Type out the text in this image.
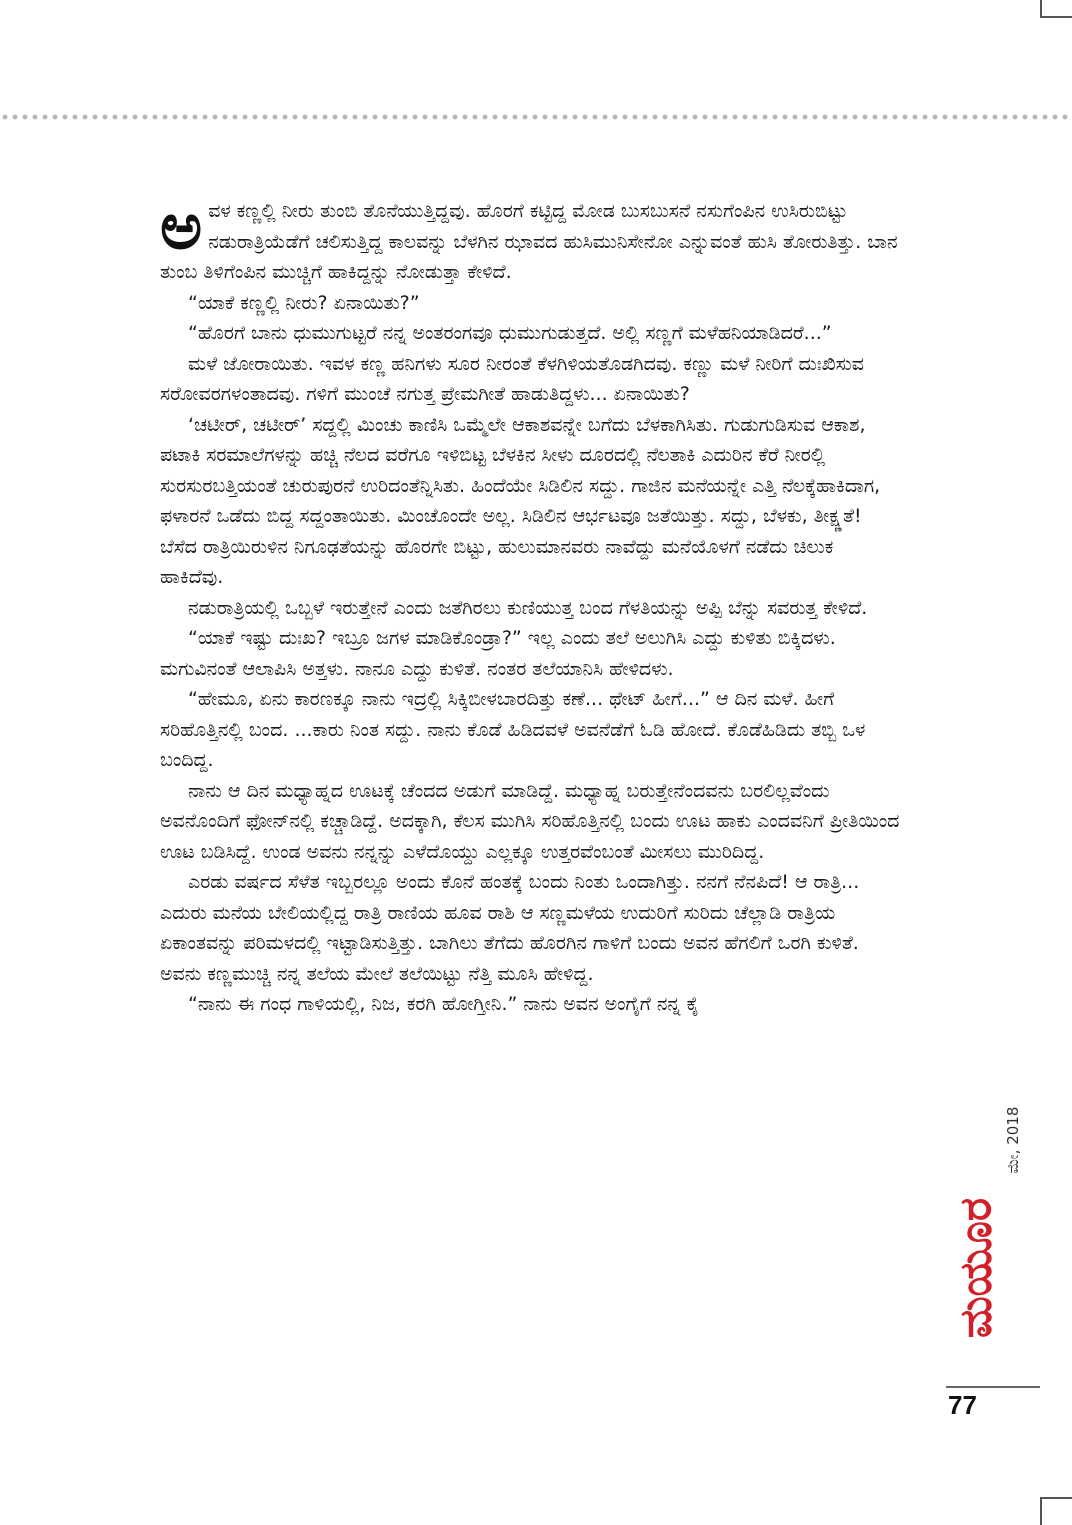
ಅವಳ ಕಣ್ಣಲ್ಲಿ ನೀರು ತುಂಬಿ ತೊನೆಯುತ್ತಿದ್ದವು. ಹೊರಗೆ ಕಟ್ಟಿದ್ದ ಮೋಡ ಬುಸಬುಸನೆ ನಸುಗೆಂಪಿನ ಉಸಿರುಬಿಟ್ಟು ನಡುರಾತ್ರಿಯೆಡೆಗೆ ಚಲಿಸುತ್ತಿದ್ದ ಕಾಲವನ್ನು ಬೆಳಗಿನ ಝಾವದ ಹುಸಿಮುನಿಸೇನೋ ಎನ್ನುವಂತೆ ಹುಸಿ ತೋರುತಿತ್ತು. ಬಾನ ತುಂಬ ತಿಳಿಗೆಂಪಿನ ಮುಚ್ಚಿಗೆ ಹಾಕಿದ್ದನ್ನು ನೋಡುತ್ತಾ ಕೇಳಿದೆ.

“ಯಾಕೆ ಕಣ್ಣಲ್ಲಿ ನೀರು? ಏನಾಯಿತು?”

“ಹೊರಗೆ ಬಾನು ಧುಮುಗುಟ್ಟರೆ ನನ್ನ ಅಂತರಂಗವೂ ಧುಮುಗುಡುತ್ತದೆ. ಅಲ್ಲಿ ಸಣ್ಣಗೆ ಮಳೆಹನಿಯಾಡಿದರೆ...”

ಮಳೆ ಜೋರಾಯಿತು. ಇವಳ ಕಣ್ಣ ಹನಿಗಳು ಸೂರ ನೀರಂತೆ ಕೆಳಗಿಳಿಯತೊಡಗಿದವು. ಕಣ್ಣು ಮಳೆ ನೀರಿಗೆ ದುಃಖಿಸುವ ಸರೋವರಗಳಂತಾದವು. ಗಳಿಗೆ ಮುಂಚೆ ನಗುತ್ತ ಪ್ರೇಮಗೀತೆ ಹಾಡುತಿದ್ದಳು... ಏನಾಯಿತು?

‘ಚಟೀರ್, ಚಟೀರ್’ ಸದ್ದಲ್ಲಿ ಮಿಂಚು ಕಾಣಿಸಿ ಒಮ್ಮೆಲೇ ಆಕಾಶವನ್ನೇ ಬಗೆದು ಬೆಳಕಾಗಿಸಿತು. ಗುಡುಗುಡಿಸುವ ಆಕಾಶ, ಪಟಾಕಿ ಸರಮಾಲೆಗಳನ್ನು ಹಚ್ಚಿ ನೆಲದ ವರೆಗೂ ಇಳಿಬಿಟ್ಟ ಬೆಳಕಿನ ಸೀಳು ದೂರದಲ್ಲಿ ನೆಲತಾಕಿ ಎದುರಿನ ಕೆರೆ ನೀರಲ್ಲಿ ಸುರಸುರಬತ್ತಿಯಂತೆ ಚುರುಪುರನೆ ಉರಿದಂತೆನ್ನಿಸಿತು. ಹಿಂದೆಯೇ ಸಿಡಿಲಿನ ಸದ್ದು. ಗಾಜಿನ ಮನೆಯನ್ನೇ ಎತ್ತಿ ನೆಲಕ್ಕೆಹಾಕಿದಾಗ, ಫಳಾರನೆ ಒಡೆದು ಬಿದ್ದ ಸದ್ದಂತಾಯಿತು. ಮಿಂಚೊಂದೇ ಅಲ್ಲ. ಸಿಡಿಲಿನ ಆರ್ಭಟವೂ ಜತೆಯಿತ್ತು. ಸದ್ದು, ಬೆಳಕು, ತೀಕ್ಷ್ಣತೆ! ಬೆಸೆದ ರಾತ್ರಿಯಿರುಳಿನ ನಿಗೂಢತೆಯನ್ನು ಹೊರಗೇ ಬಿಟ್ಟು, ಹುಲುಮಾನವರು ನಾವೆದ್ದು ಮನೆಯೊಳಗೆ ನಡೆದು ಚಿಲುಕ ಹಾಕಿದೆವು.

ನಡುರಾತ್ರಿಯಲ್ಲಿ ಒಬ್ಬಳೆ ಇರುತ್ತೇನೆ ಎಂದು ಜತೆಗಿರಲು ಕುಣಿಯುತ್ತ ಬಂದ ಗೆಳತಿಯನ್ನು ಅಪ್ಪಿ ಬೆನ್ನು ಸವರುತ್ತ ಕೇಳಿದೆ.

“ಯಾಕೆ ಇಷ್ಟು ದುಃಖ? ಇಬ್ರೂ ಜಗಳ ಮಾಡಿಕೊಂಡ್ರಾ?” ಇಲ್ಲ ಎಂದು ತಲೆ ಅಲುಗಿಸಿ ಎದ್ದು ಕುಳಿತು ಬಿಕ್ಕಿದಳು. ಮಗುವಿನಂತೆ ಆಲಾಪಿಸಿ ಅತ್ತಳು. ನಾನೂ ಎದ್ದು ಕುಳಿತೆ. ನಂತರ ತಲೆಯಾನಿಸಿ ಹೇಳಿದಳು.

“ಹೇಮೂ, ಏನು ಕಾರಣಕ್ಕೂ ನಾನು ಇದ್ರಲ್ಲಿ ಸಿಕ್ಕಿಬೀಳಬಾರದಿತ್ತು ಕಣೆ... ಥೇಟ್ ಹೀಗೆ...” ಆ ದಿನ ಮಳೆ. ಹೀಗೆ ಸರಿಹೊತ್ತಿನಲ್ಲಿ ಬಂದ. ...ಕಾರು ನಿಂತ ಸದ್ದು. ನಾನು ಕೊಡೆ ಹಿಡಿದವಳೆ ಅವನೆಡೆಗೆ ಓಡಿ ಹೋದೆ. ಕೊಡೆಹಿಡಿದು ತಬ್ಬಿ ಒಳ ಬಂದಿದ್ದ.

ನಾನು ಆ ದಿನ ಮಧ್ಯಾಹ್ನದ ಊಟಕ್ಕೆ ಚೆಂದದ ಅಡುಗೆ ಮಾಡಿದ್ದೆ. ಮಧ್ಯಾಹ್ನ ಬರುತ್ತೇನೆಂದವನು ಬರಲಿಲ್ಲವೆಂದು ಅವನೊಂದಿಗೆ ಫೋನ್‌ನಲ್ಲಿ ಕಚ್ಚಾಡಿದ್ದೆ. ಅದಕ್ಕಾಗಿ, ಕೆಲಸ ಮುಗಿಸಿ ಸರಿಹೊತ್ತಿನಲ್ಲಿ ಬಂದು ಊಟ ಹಾಕು ಎಂದವನಿಗೆ ಪ್ರೀತಿಯಿಂದ ಊಟ ಬಡಿಸಿದ್ದೆ. ಉಂಡ ಅವನು ನನ್ನನ್ನು ಎಳೆದೊಯ್ದು ಎಲ್ಲಕ್ಕೂ ಉತ್ತರವೆಂಬಂತೆ ಮೀಸಲು ಮುರಿದಿದ್ದ.

ಎರಡು ವರ್ಷದ ಸೆಳೆತ ಇಬ್ಬರಲ್ಲೂ ಅಂದು ಕೊನೆ ಹಂತಕ್ಕೆ ಬಂದು ನಿಂತು ಒಂದಾಗಿತ್ತು. ನನಗೆ ನೆನಪಿದೆ! ಆ ರಾತ್ರಿ... ಎದುರು ಮನೆಯ ಬೇಲಿಯಲ್ಲಿದ್ದ ರಾತ್ರಿ ರಾಣಿಯ ಹೂವ ರಾಶಿ ಆ ಸಣ್ಣಮಳೆಯ ಉದುರಿಗೆ ಸುರಿದು ಚೆಲ್ಲಾಡಿ ರಾತ್ರಿಯ ಏಕಾಂತವನ್ನು ಪರಿಮಳದಲ್ಲಿ ಇಟ್ಟಾಡಿಸುತ್ತಿತ್ತು. ಬಾಗಿಲು ತೆಗೆದು ಹೊರಗಿನ ಗಾಳಿಗೆ ಬಂದು ಅವನ ಹೆಗಲಿಗೆ ಒರಗಿ ಕುಳಿತೆ. ಅವನು ಕಣ್ಣಮುಚ್ಚಿ ನನ್ನ ತಲೆಯ ಮೇಲೆ ತಲೆಯಿಟ್ಟು ನೆತ್ತಿ ಮೂಸಿ ಹೇಳಿದ್ದ.

“ನಾನು ಈ ಗಂಧ ಗಾಳಿಯಲ್ಲಿ, ನಿಜ, ಕರಗಿ ಹೋಗ್ತೀನಿ.” ನಾನು ಅವನ ಅಂಗೈಗೆ ನನ್ನ ಕೈ

ಮಯೂರ
ಮೇ, 2018
77
